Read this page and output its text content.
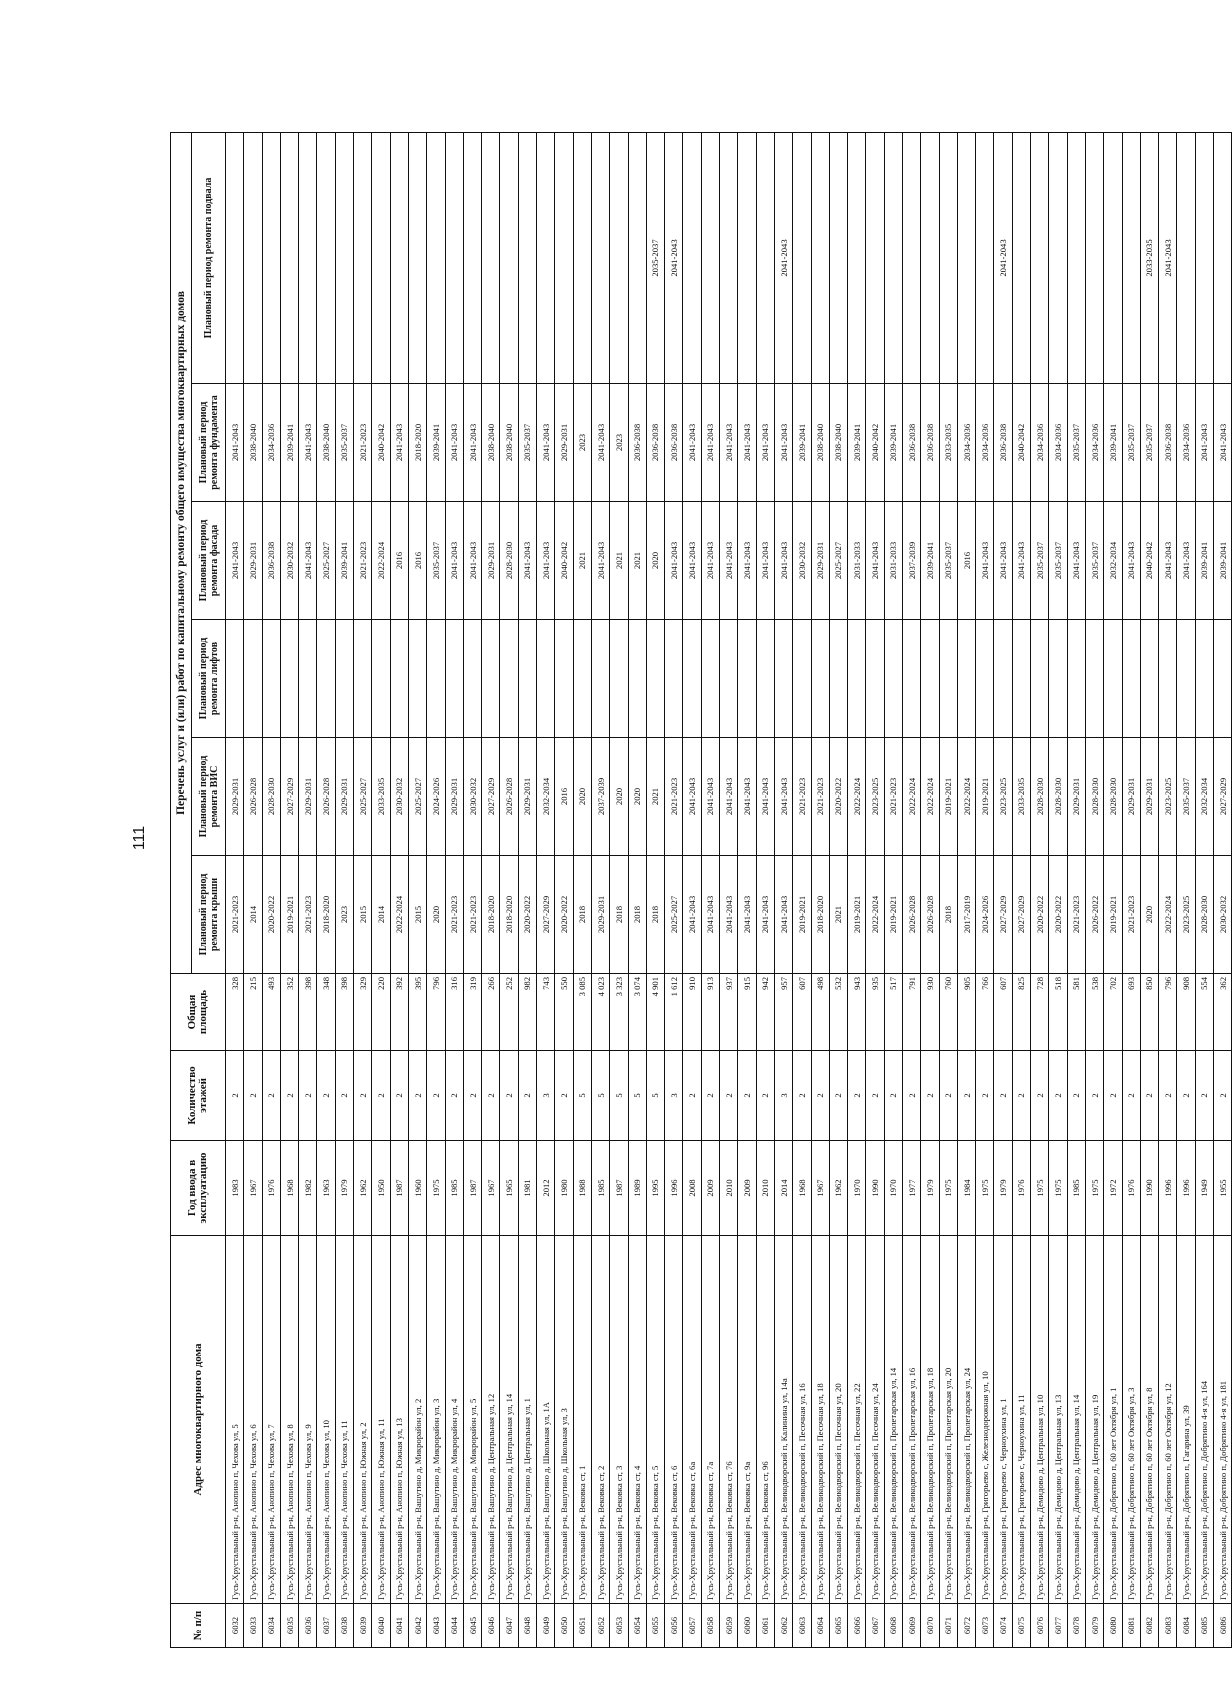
111
№ п/п	Адрес многоквартирного дома	Год ввода в эксплуатацию	Количество этажей	Общая площадь	Перечень услуг и (или) работ по капитальному ремонту общего имущества многоквартирных домов					
					Плановый период ремонта крыши	Плановый период ремонта ВИС	Плановый период ремонта лифтов	Плановый период ремонта фасада	Плановый период ремонта фундамента	Плановый период ремонта подвала
6032	Гусь-Хрустальный р-н, Анопино п, Чехова ул, 5	1983	2	328	2021-2023	2029-2031		2041-2043	2041-2043	
6033	Гусь-Хрустальный р-н, Анопино п, Чехова ул, 6	1967	2	215	2014	2026-2028		2029-2031	2038-2040	
6034	Гусь-Хрустальный р-н, Анопино п, Чехова ул, 7	1976	2	493	2020-2022	2028-2030		2036-2038	2034-2036	
6035	Гусь-Хрустальный р-н, Анопино п, Чехова ул, 8	1968	2	352	2019-2021	2027-2029		2030-2032	2039-2041	
6036	Гусь-Хрустальный р-н, Анопино п, Чехова ул, 9	1982	2	398	2021-2023	2029-2031		2041-2043	2041-2043	
6037	Гусь-Хрустальный р-н, Анопино п, Чехова ул, 10	1963	2	348	2018-2020	2026-2028		2025-2027	2038-2040	
6038	Гусь-Хрустальный р-н, Анопино п, Чехова ул, 11	1979	2	398	2023	2029-2031		2039-2041	2035-2037	
6039	Гусь-Хрустальный р-н, Анопино п, Южная ул, 2	1962	2	329	2015	2025-2027		2021-2023	2021-2023	
6040	Гусь-Хрустальный р-н, Анопино п, Южная ул, 11	1950	2	220	2014	2033-2035		2022-2024	2040-2042	
6041	Гусь-Хрустальный р-н, Анопино п, Южная ул, 13	1987	2	392	2022-2024	2030-2032		2016	2041-2043	
6042	Гусь-Хрустальный р-н, Вашутино д, Микрорайон ул, 2	1960	2	395	2015	2025-2027		2016	2018-2020	
6043	Гусь-Хрустальный р-н, Вашутино д, Микрорайон ул, 3	1975	2	796	2020	2024-2026		2035-2037	2039-2041	
6044	Гусь-Хрустальный р-н, Вашутино д, Микрорайон ул, 4	1985	2	316	2021-2023	2029-2031		2041-2043	2041-2043	
6045	Гусь-Хрустальный р-н, Вашутино д, Микрорайон ул, 5	1987	2	319	2021-2023	2030-2032		2041-2043	2041-2043	
6046	Гусь-Хрустальный р-н, Вашутино д, Центральная ул, 12	1967	2	266	2018-2020	2027-2029		2029-2031	2038-2040	
6047	Гусь-Хрустальный р-н, Вашутино д, Центральная ул, 14	1965	2	252	2018-2020	2026-2028		2028-2030	2038-2040	
6048	Гусь-Хрустальный р-н, Вашутино д, Центральная ул, 1	1981	2	982	2020-2022	2029-2031		2041-2043	2035-2037	
6049	Гусь-Хрустальный р-н, Вашутино д, Школьная ул, 1А	2012	3	743	2027-2029	2032-2034		2041-2043	2041-2043	
6050	Гусь-Хрустальный р-н, Вашутино д, Школьная ул, 3	1980	2	550	2020-2022	2016		2040-2042	2029-2031	
6051	Гусь-Хрустальный р-н, Вековка ст, 1	1988	5	3 085	2018	2020		2021	2023	
6052	Гусь-Хрустальный р-н, Вековка ст, 2	1985	5	4 023	2029-2031	2037-2039		2041-2043	2041-2043	
6053	Гусь-Хрустальный р-н, Вековка ст, 3	1987	5	3 323	2018	2020		2021	2023	
6054	Гусь-Хрустальный р-н, Вековка ст, 4	1989	5	3 074	2018	2020		2021	2036-2038	
6055	Гусь-Хрустальный р-н, Вековка ст, 5	1995	5	4 901	2018	2021		2020	2036-2038	2035-2037
6056	Гусь-Хрустальный р-н, Вековка ст, 6	1996	3	1 612	2025-2027	2021-2023		2041-2043	2036-2038	2041-2043
6057	Гусь-Хрустальный р-н, Вековка ст, 6а	2008	2	910	2041-2043	2041-2043		2041-2043	2041-2043	
6058	Гусь-Хрустальный р-н, Вековка ст, 7а	2009	2	913	2041-2043	2041-2043		2041-2043	2041-2043	
6059	Гусь-Хрустальный р-н, Вековка ст, 76	2010	2	937	2041-2043	2041-2043		2041-2043	2041-2043	
6060	Гусь-Хрустальный р-н, Вековка ст, 9а	2009	2	915	2041-2043	2041-2043		2041-2043	2041-2043	
6061	Гусь-Хрустальный р-н, Вековка ст, 96	2010	2	942	2041-2043	2041-2043		2041-2043	2041-2043	
6062	Гусь-Хрустальный р-н, Великодворский п, Калинина ул, 14а	2014	3	957	2041-2043	2041-2043		2041-2043	2041-2043	2041-2043
6063	Гусь-Хрустальный р-н, Великодворский п, Песочная ул, 16	1968	2	607	2019-2021	2021-2023		2030-2032	2039-2041	
6064	Гусь-Хрустальный р-н, Великодворский п, Песочная ул, 18	1967	2	498	2018-2020	2021-2023		2029-2031	2038-2040	
6065	Гусь-Хрустальный р-н, Великодворский п, Песочная ул, 20	1962	2	532	2021	2020-2022		2025-2027	2038-2040	
6066	Гусь-Хрустальный р-н, Великодворский п, Песочная ул, 22	1970	2	943	2019-2021	2022-2024		2031-2033	2039-2041	
6067	Гусь-Хрустальный р-н, Великодворский п, Песочная ул, 24	1990	2	935	2022-2024	2023-2025		2041-2043	2040-2042	
6068	Гусь-Хрустальный р-н, Великодворский п, Пролетарская ул, 14	1970	2	517	2019-2021	2021-2023		2031-2033	2039-2041	
6069	Гусь-Хрустальный р-н, Великодворский п, Пролетарская ул, 16	1977	2	791	2026-2028	2022-2024		2037-2039	2036-2038	
6070	Гусь-Хрустальный р-н, Великодворский п, Пролетарская ул, 18	1979	2	930	2026-2028	2022-2024		2039-2041	2036-2038	
6071	Гусь-Хрустальный р-н, Великодворский п, Пролетарская ул, 20	1975	2	760	2018	2019-2021		2035-2037	2033-2035	
6072	Гусь-Хрустальный р-н, Великодворский п, Пролетарская ул, 24	1984	2	905	2017-2019	2022-2024		2016	2034-2036	
6073	Гусь-Хрустальный р-н, Григорьево с, Железнодорожная ул, 10	1975	2	766	2024-2026	2019-2021		2041-2043	2034-2036	
6074	Гусь-Хрустальный р-н, Григорьево с, Черноухина ул, 1	1979	2	607	2027-2029	2023-2025		2041-2043	2036-2038	2041-2043
6075	Гусь-Хрустальный р-н, Григорьево с, Черноухина ул, 11	1976	2	825	2027-2029	2033-2035		2041-2043	2040-2042	
6076	Гусь-Хрустальный р-н, Демидово д, Центральная ул, 10	1975	2	728	2020-2022	2028-2030		2035-2037	2034-2036	
6077	Гусь-Хрустальный р-н, Демидово д, Центральная ул, 13	1975	2	518	2020-2022	2028-2030		2035-2037	2034-2036	
6078	Гусь-Хрустальный р-н, Демидово д, Центральная ул, 14	1985	2	581	2021-2023	2029-2031		2041-2043	2035-2037	
6079	Гусь-Хрустальный р-н, Демидово д, Центральная ул, 19	1975	2	538	2026-2022	2028-2030		2035-2037	2034-2036	
6080	Гусь-Хрустальный р-н, Добрятино п, 60 лет Октября ул, 1	1972	2	702	2019-2021	2028-2030		2032-2034	2039-2041	
6081	Гусь-Хрустальный р-н, Добрятино п, 60 лет Октября ул, 3	1976	2	693	2021-2023	2029-2031		2041-2043	2035-2037	
6082	Гусь-Хрустальный р-н, Добрятино п, 60 лет Октября ул, 8	1990	2	850	2020	2029-2031		2040-2042	2035-2037	2033-2035
6083	Гусь-Хрустальный р-н, Добрятино п, 60 лет Октября ул, 12	1996	2	796	2022-2024	2023-2025		2041-2043	2036-2038	2041-2043
6084	Гусь-Хрустальный р-н, Добрятино п, Гагарина ул, 39	1996	2	908	2023-2025	2035-2037		2041-2043	2034-2036	
6085	Гусь-Хрустальный р-н, Добрятино п, Добрятино 4-я ул, 164	1949	2	554	2028-2030	2032-2034		2039-2041	2041-2043	
6086	Гусь-Хрустальный р-н, Добрятино п, Добрятино 4-я ул, 181	1955	2	362	2030-2032	2027-2029		2039-2041	2041-2043	
